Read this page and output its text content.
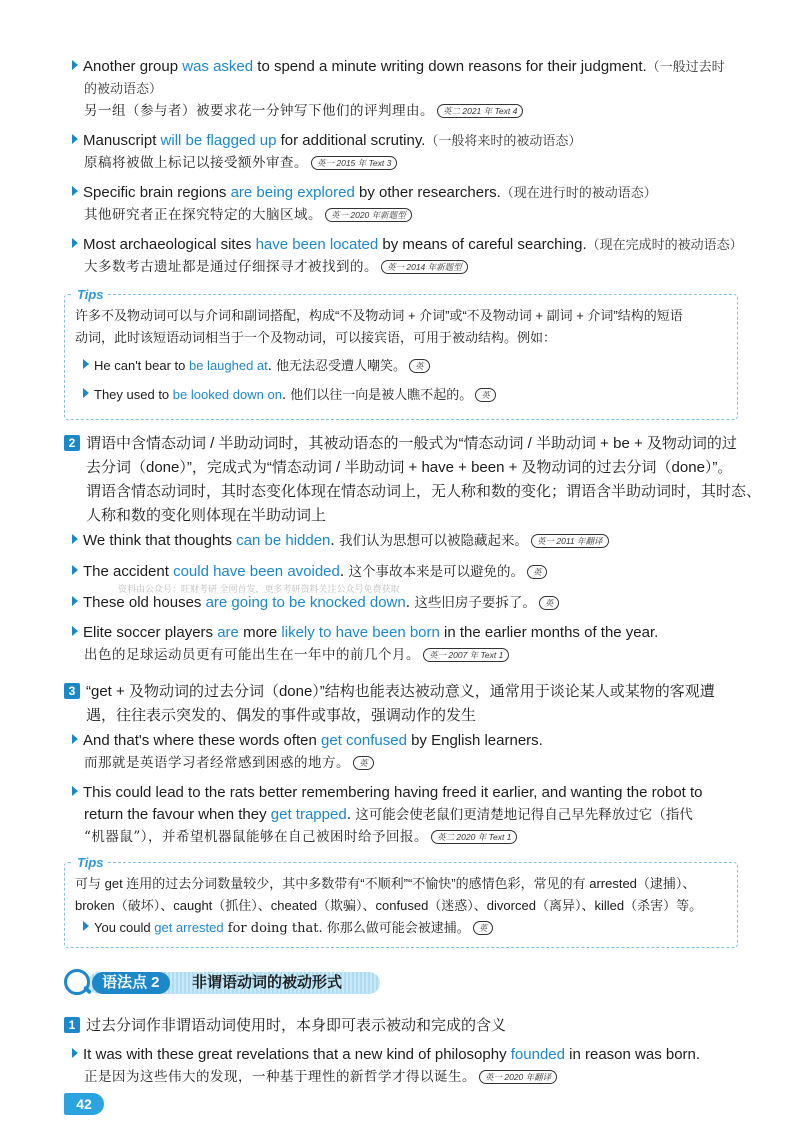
Another group was asked to spend a minute writing down reasons for their judgment.（一般过去时
的被动语态）
另一组（参与者）被要求花一分钟写下他们的评判理由。 英二 2021 年 Text 4
Manuscript will be flagged up for additional scrutiny.（一般将来时的被动语态）
原稿将被做上标记以接受额外审查。 英一 2015 年 Text 3
Specific brain regions are being explored by other researchers.（现在进行时的被动语态）
其他研究者正在探究特定的大脑区域。 英一 2020 年新题型
Most archaeological sites have been located by means of careful searching.（现在完成时的被动语态）
大多数考古遗址都是通过仔细探寻才被找到的。 英一 2014 年新题型
Tips
许多不及物动词可以与介词和副词搭配，构成“不及物动词 + 介词”或“不及物动词 + 副词 + 介词”结构的短语
动词，此时该短语动词相当于一个及物动词，可以接宾语，可用于被动结构。例如：
He can't bear to be laughed at. 他无法忍受遭人嘲笑。 英
They used to be looked down on. 他们以往一向是被人瞧不起的。 英
2 谓语中含情态动词 / 半助动词时，其被动语态的一般式为“情态动词 / 半助动词 + be + 及物动词的过
去分词（done）”，完成式为“情态动词 / 半助动词 + have + been + 及物动词的过去分词（done）”。
谓语含情态动词时，其时态变化体现在情态动词上，无人称和数的变化；谓语含半助动词时，其时态、
人称和数的变化则体现在半助动词上
We think that thoughts can be hidden. 我们认为思想可以被隐藏起来。 英一 2011 年翻译
The accident could have been avoided. 这个事故本来是可以避免的。 英
资料由公众号：旺财考研 全网首发，更多考研资料关注公众号免费获取
These old houses are going to be knocked down. 这些旧房子要拆了。 英
Elite soccer players are more likely to have been born in the earlier months of the year.
出色的足球运动员更有可能出生在一年中的前几个月。 英一 2007 年 Text 1
3 “get + 及物动词的过去分词（done）”结构也能表达被动意义，通常用于谈论某人或某物的客观遭
遇，往往表示突发的、偶发的事件或事故，强调动作的发生
And that's where these words often get confused by English learners.
而那就是英语学习者经常感到困惑的地方。 英
This could lead to the rats better remembering having freed it earlier, and wanting the robot to
return the favour when they get trapped. 这可能会使老鼠们更清楚地记得自己早先释放过它（指代
“机器鼠”），并希望机器鼠能够在自己被困时给予回报。 英二 2020 年 Text 1
Tips
可与 get 连用的过去分词数量较少，其中多数带有“不顺利”“不愉快”的感情色彩，常见的有 arrested（逮捕）、
broken（破坏）、caught（抓住）、cheated（欺骗）、confused（迷惑）、divorced（离异）、killed（杀害）等。
You could get arrested for doing that. 你那么做可能会被逮捕。 英
语法点 2	非谓语动词的被动形式
1 过去分词作非谓语动词使用时，本身即可表示被动和完成的含义
It was with these great revelations that a new kind of philosophy founded in reason was born.
正是因为这些伟大的发现，一种基于理性的新哲学才得以诞生。 英一 2020 年翻译
42
